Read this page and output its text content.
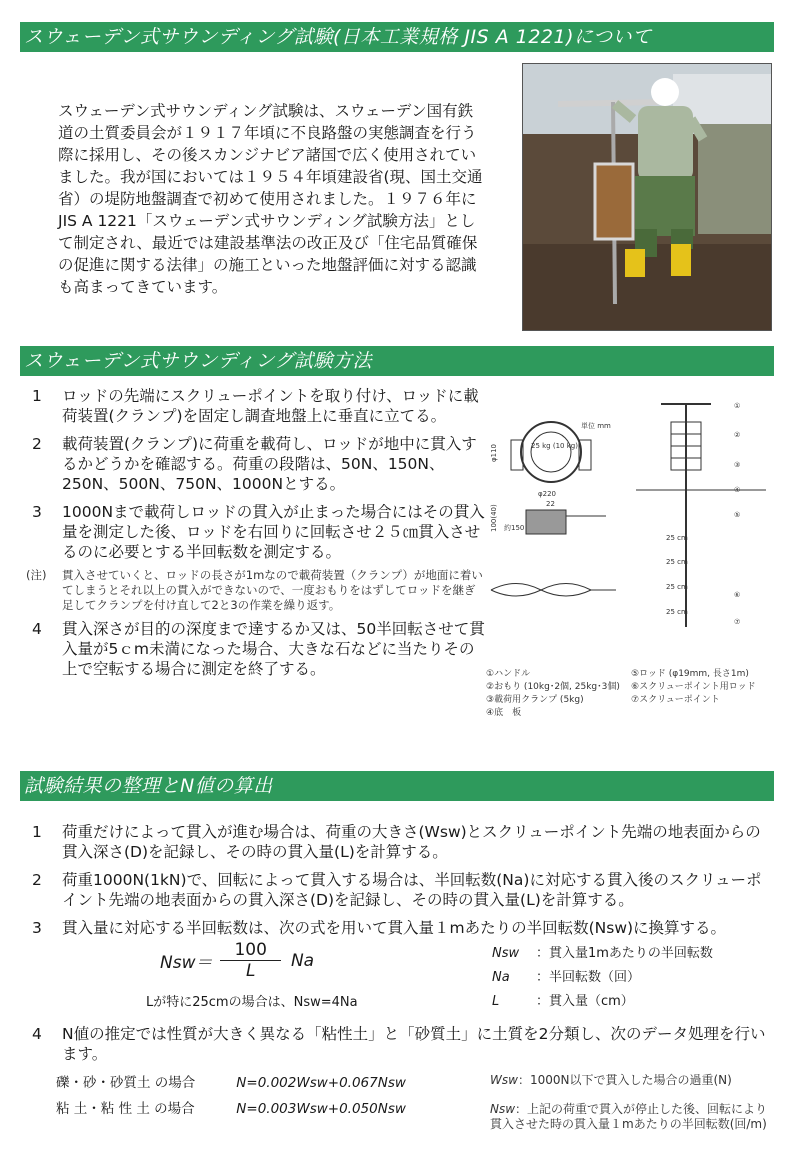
スウェーデン式サウンディング試験(日本工業規格 JIS A 1221)について
スウェーデン式サウンディング試験は、スウェーデン国有鉄道の土質委員会が１９１７年頃に不良路盤の実態調査を行う際に採用し、その後スカンジナビア諸国で広く使用されていました。我が国においては１９５４年頃建設省(現、国土交通省）の堤防地盤調査で初めて使用されました。１９７６年にJIS A 1221「スウェーデン式サウンディング試験方法」として制定され、最近では建設基準法の改正及び「住宅品質確保の促進に関する法律」の施工といった地盤評価に対する認識も高まってきています。
スウェーデン式サウンディング試験方法
1	ロッドの先端にスクリューポイントを取り付け、ロッドに載荷装置(クランプ)を固定し調査地盤上に垂直に立てる。
2	載荷装置(クランプ)に荷重を載荷し、ロッドが地中に貫入するかどうかを確認する。荷重の段階は、50N、150N、250N、500N、750N、1000Nとする。
3	1000Nまで載荷しロッドの貫入が止まった場合にはその貫入量を測定した後、ロッドを右回りに回転させ２５㎝貫入させるのに必要とする半回転数を測定する。
(注)	貫入させていくと、ロッドの長さが1mなので載荷装置（クランプ）が地面に着いてしまうとそれ以上の貫入ができないので、一度おもりをはずしてロッドを継ぎ足してクランプを付け直して2と3の作業を繰り返す。
4	貫入深さが目的の深度まで達するか又は、50半回転させて貫入量が5ｃm未満になった場合、大きな石などに当たりその上で空転する場合に測定を終了する。
単位 mm
25 kg (10 kg)
φ110
φ220
22
100(40) 約150
25 cm
25 cm
25 cm
25 cm
①
②
③
④
⑤
⑥
⑦
①ハンドル	⑤ロッド (φ19mm, 長さ1m)
②おもり (10kg･2個, 25kg･3個)	⑥スクリューポイント用ロッド
③載荷用クランプ (5kg)	⑦スクリューポイント
④底　板
試験結果の整理とN値の算出
1	荷重だけによって貫入が進む場合は、荷重の大きさ(Wsw)とスクリューポイント先端の地表面からの貫入深さ(D)を記録し、その時の貫入量(L)を計算する。
2	荷重1000N(1kN)で、回転によって貫入する場合は、半回転数(Na)に対応する貫入後のスクリューポイント先端の地表面からの貫入深さ(D)を記録し、その時の貫入量(L)を計算する。
3	貫入量に対応する半回転数は、次の式を用いて貫入量１mあたりの半回転数(Nsw)に換算する。
$Nsw= \frac{100}{L}$ Na
Lが特に25cmの場合は、Nsw=4Na
Nsw	：貫入量1mあたりの半回転数
Na	：半回転数（回）
L	：貫入量（cm）
4	N値の推定では性質が大きく異なる「粘性土」と「砂質土」に土質を2分類し、次のデータ処理を行います。
礫・砂・砂質土 の場合	N=0.002Wsw+0.067Nsw
粘 土・粘 性 土 の場合	N=0.003Wsw+0.050Nsw
Wsw：1000N以下で貫入した場合の過重(N)
Nsw：上記の荷重で貫入が停止した後、回転により貫入させた時の貫入量１mあたりの半回転数(回/m)
